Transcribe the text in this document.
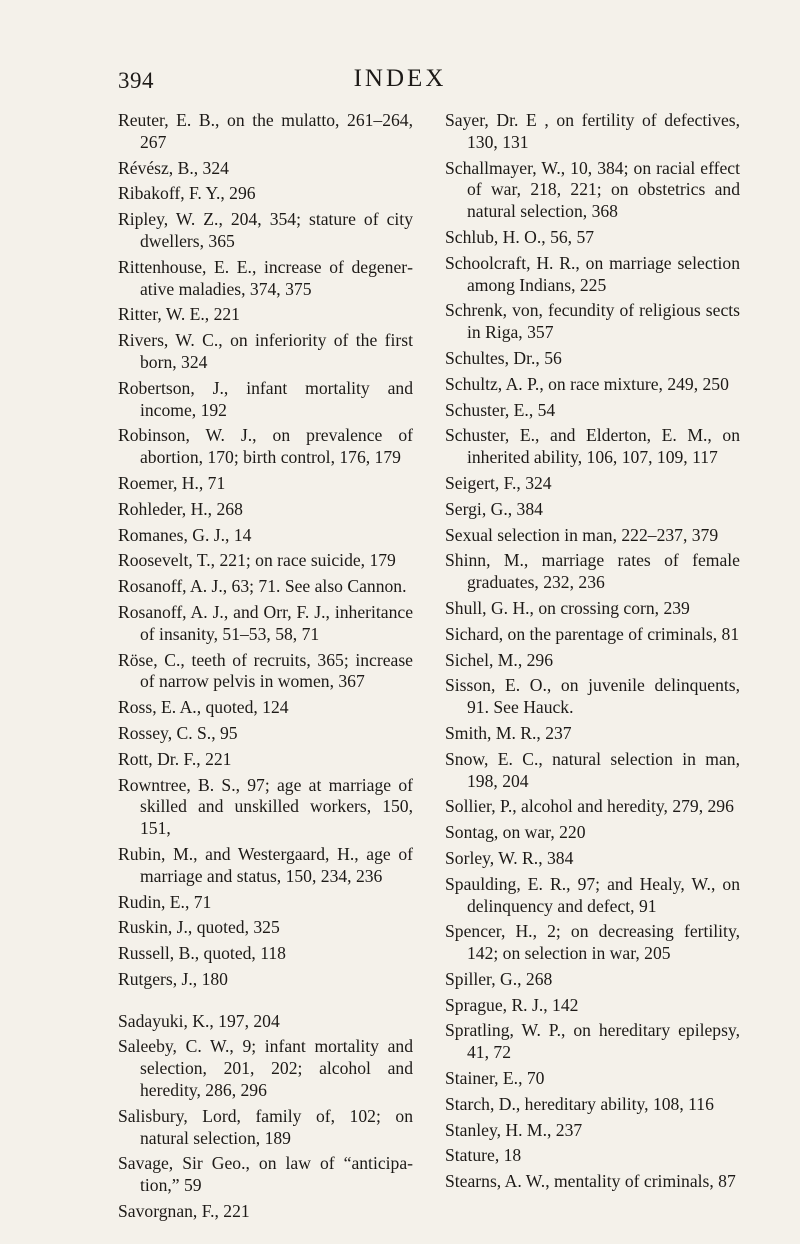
394	INDEX

Reuter, E. B., on the mulatto, 261–264, 267

Révész, B., 324

Ribakoff, F. Y., 296

Ripley, W. Z., 204, 354; stature of city dwellers, 365

Rittenhouse, E. E., increase of degenerative maladies, 374, 375

Ritter, W. E., 221

Rivers, W. C., on inferiority of the first born, 324

Robertson, J., infant mortality and income, 192

Robinson, W. J., on prevalence of abortion, 170; birth control, 176, 179

Roemer, H., 71

Rohleder, H., 268

Romanes, G. J., 14

Roosevelt, T., 221; on race suicide, 179

Rosanoff, A. J., 63; 71. See also Cannon.

Rosanoff, A. J., and Orr, F. J., inheritance of insanity, 51–53, 58, 71

Röse, C., teeth of recruits, 365; increase of narrow pelvis in women, 367

Ross, E. A., quoted, 124

Rossey, C. S., 95

Rott, Dr. F., 221

Rowntree, B. S., 97; age at marriage of skilled and unskilled workers, 150, 151,

Rubin, M., and Westergaard, H., age of marriage and status, 150, 234, 236

Rudin, E., 71

Ruskin, J., quoted, 325

Russell, B., quoted, 118

Rutgers, J., 180

Sadayuki, K., 197, 204

Saleeby, C. W., 9; infant mortality and selection, 201, 202; alcohol and heredity, 286, 296

Salisbury, Lord, family of, 102; on natural selection, 189

Savage, Sir Geo., on law of “anticipation,” 59

Savorgnan, F., 221

Sayer, Dr. E , on fertility of defectives, 130, 131

Schallmayer, W., 10, 384; on racial effect of war, 218, 221; on obstetrics and natural selection, 368

Schlub, H. O., 56, 57

Schoolcraft, H. R., on marriage selection among Indians, 225

Schrenk, von, fecundity of religious sects in Riga, 357

Schultes, Dr., 56

Schultz, A. P., on race mixture, 249, 250

Schuster, E., 54

Schuster, E., and Elderton, E. M., on inherited ability, 106, 107, 109, 117

Seigert, F., 324

Sergi, G., 384

Sexual selection in man, 222–237, 379

Shinn, M., marriage rates of female graduates, 232, 236

Shull, G. H., on crossing corn, 239

Sichard, on the parentage of criminals, 81

Sichel, M., 296

Sisson, E. O., on juvenile delinquents, 91. See Hauck.

Smith, M. R., 237

Snow, E. C., natural selection in man, 198, 204

Sollier, P., alcohol and heredity, 279, 296

Sontag, on war, 220

Sorley, W. R., 384

Spaulding, E. R., 97; and Healy, W., on delinquency and defect, 91

Spencer, H., 2; on decreasing fertility, 142; on selection in war, 205

Spiller, G., 268

Sprague, R. J., 142

Spratling, W. P., on hereditary epilepsy, 41, 72

Stainer, E., 70

Starch, D., hereditary ability, 108, 116

Stanley, H. M., 237

Stature, 18

Stearns, A. W., mentality of criminals, 87
